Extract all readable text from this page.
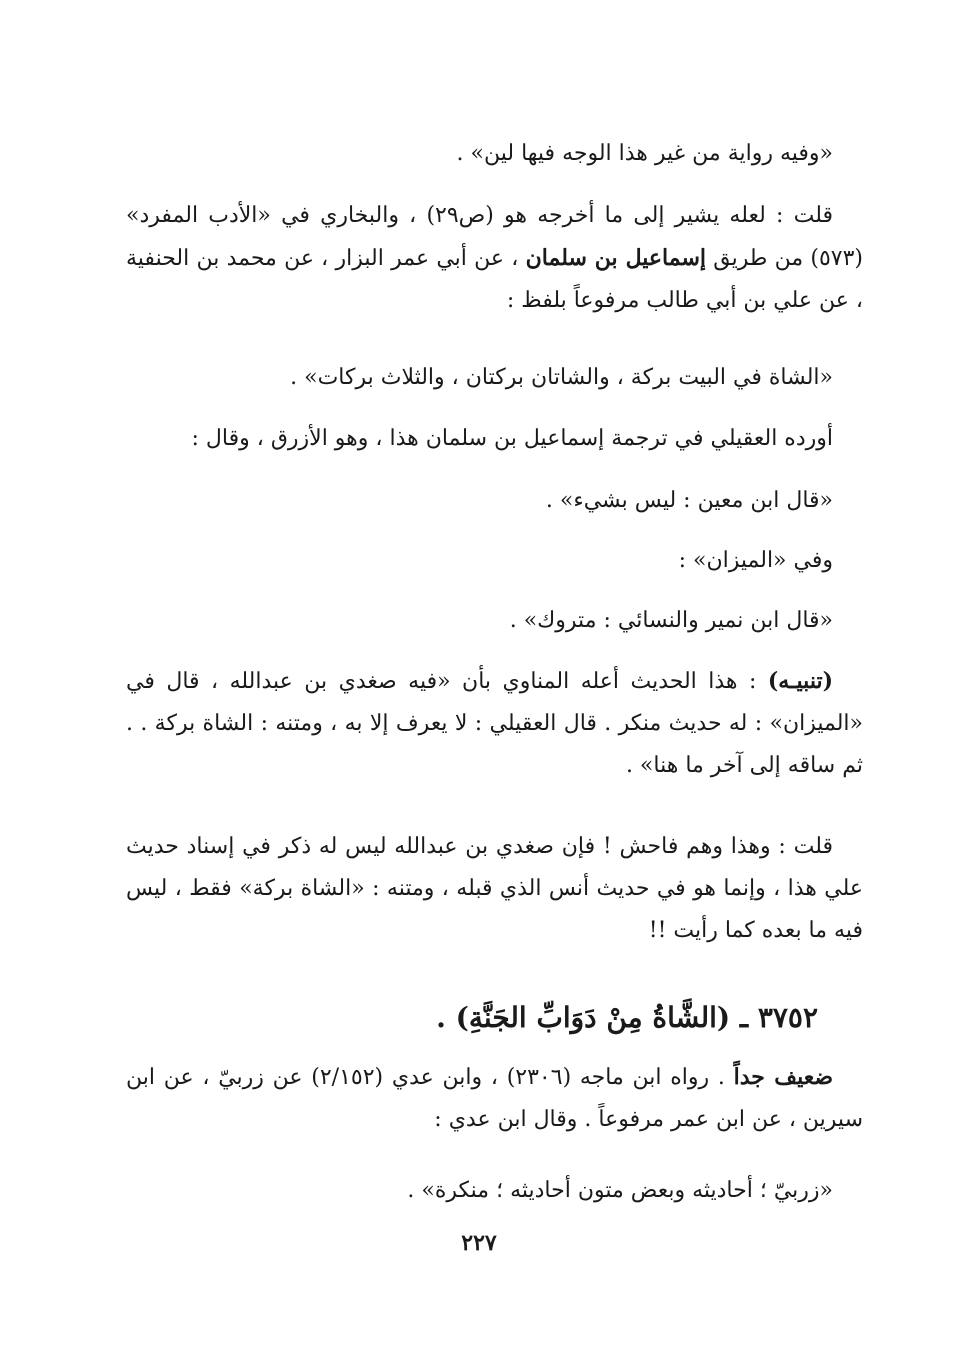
«وفيه رواية من غير هذا الوجه فيها لين» .

قلت : لعله يشير إلى ما أخرجه هو (ص٢٩) ، والبخاري في «الأدب المفرد» (٥٧٣) من طريق إسماعيل بن سلمان ، عن أبي عمر البزار ، عن محمد بن الحنفية ، عن علي بن أبي طالب مرفوعاً بلفظ :

«الشاة في البيت بركة ، والشاتان بركتان ، والثلاث بركات» .

أورده العقيلي في ترجمة إسماعيل بن سلمان هذا ، وهو الأزرق ، وقال :

«قال ابن معين : ليس بشيء» .

وفي «الميزان» :

«قال ابن نمير والنسائي : متروك» .

(تنبيـه) : هذا الحديث أعله المناوي بأن «فيه صغدي بن عبدالله ، قال في «الميزان» : له حديث منكر . قال العقيلي : لا يعرف إلا به ، ومتنه : الشاة بركة . . ثم ساقه إلى آخر ما هنا» .

قلت : وهذا وهم فاحش ! فإن صغدي بن عبدالله ليس له ذكر في إسناد حديث علي هذا ، وإنما هو في حديث أنس الذي قبله ، ومتنه : «الشاة بركة» فقط ، ليس فيه ما بعده كما رأيت !!

٣٧٥٢ ـ (الشَّاةُ مِنْ دَوَابِّ الجَنَّةِ) .

ضعيف جداً . رواه ابن ماجه (٢٣٠٦) ، وابن عدي (٢/١٥٢) عن زربيّ ، عن ابن سيرين ، عن ابن عمر مرفوعاً . وقال ابن عدي :

«زربيّ ؛ أحاديثه وبعض متون أحاديثه ؛ منكرة» .

٢٢٧
